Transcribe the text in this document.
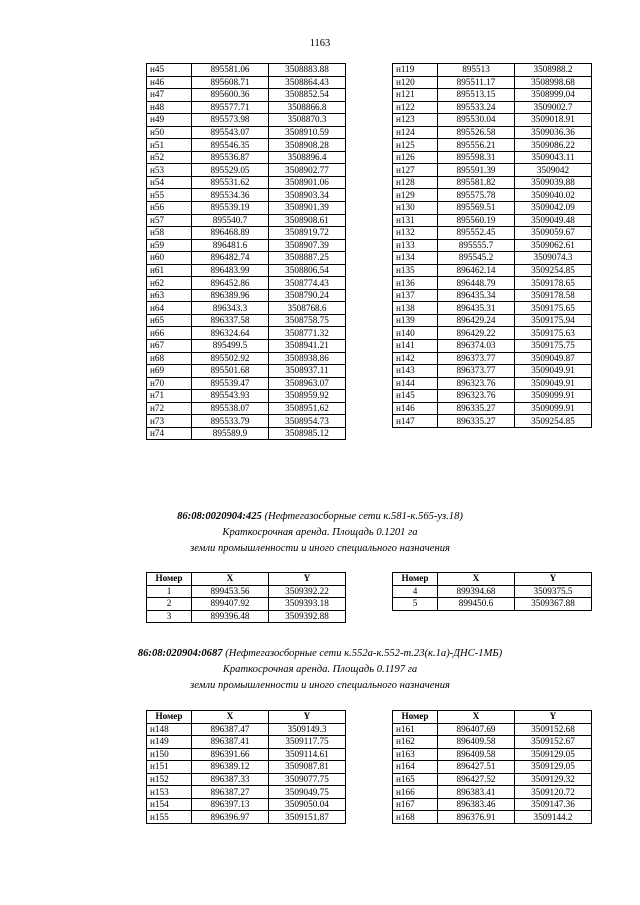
1163
н45	895581.06	3508883.88
н46	895608.71	3508864.43
н47	895600.36	3508852.54
н48	895577.71	3508866.8
н49	895573.98	3508870.3
н50	895543.07	3508910.59
н51	895546.35	3508908.28
н52	895536.87	3508896.4
н53	895529.05	3508902.77
н54	895531.62	3508901.06
н55	895534.36	3508903.34
н56	895539.19	3508901.39
н57	895540.7	3508908.61
н58	896468.89	3508919.72
н59	896481.6	3508907.39
н60	896482.74	3508887.25
н61	896483.99	3508806.54
н62	896452.86	3508774.43
н63	896389.96	3508790.24
н64	896343.3	3508768.6
н65	896337.58	3508758.75
н66	896324.64	3508771.32
н67	895499.5	3508941.21
н68	895502.92	3508938.86
н69	895501.68	3508937.11
н70	895539.47	3508963.07
н71	895543.93	3508959.92
н72	895538.07	3508951.62
н73	895533.79	3508954.73
н74	895589.9	3508985.12
н119	895513	3508988.2
н120	895511.17	3508998.68
н121	895513.15	3508999.04
н122	895533.24	3509002.7
н123	895530.04	3509018.91
н124	895526.58	3509036.36
н125	895556.21	3509086.22
н126	895598.31	3509043.11
н127	895591.39	3509042
н128	895581.82	3509039.88
н129	895575.78	3509040.02
н130	895569.51	3509042.09
н131	895560.19	3509049.48
н132	895552.45	3509059.67
н133	895555.7	3509062.61
н134	895545.2	3509074.3
н135	896462.14	3509254.85
н136	896448.79	3509178.65
н137	896435.34	3509178.58
н138	896435.31	3509175.65
н139	896429.24	3509175.94
н140	896429.22	3509175.63
н141	896374.03	3509175.75
н142	896373.77	3509049.87
н143	896373.77	3509049.91
н144	896323.76	3509049.91
н145	896323.76	3509099.91
н146	896335.27	3509099.91
н147	896335.27	3509254.85
86:08:0020904:425 (Нефтегазосборные сети к.581-к.565-уз.18)
Краткосрочная аренда. Площадь 0.1201 га
земли промышленности и иного специального назначения
Номер	X	Y
1	899453.56	3509392.22
2	899407.92	3509393.18
3	899396.48	3509392.88
Номер	X	Y
4	899394.68	3509375.5
5	899450.6	3509367.88
86:08:020904:0687 (Нефтегазосборные сети к.552а-к.552-т.23(к.1а)-ДНС-1МБ)
Краткосрочная аренда. Площадь 0.1197 га
земли промышленности и иного специального назначения
Номер	X	Y
н148	896387.47	3509149.3
н149	896387.41	3509117.75
н150	896391.66	3509114.61
н151	896389.12	3509087.81
н152	896387.33	3509077.75
н153	896387.27	3509049.75
н154	896397.13	3509050.04
н155	896396.97	3509151.87
Номер	X	Y
н161	896407.69	3509152.68
н162	896409.58	3509152.67
н163	896409.58	3509129.05
н164	896427.51	3509129.05
н165	896427.52	3509129.32
н166	896383.41	3509120.72
н167	896383.46	3509147.36
н168	896376.91	3509144.2
